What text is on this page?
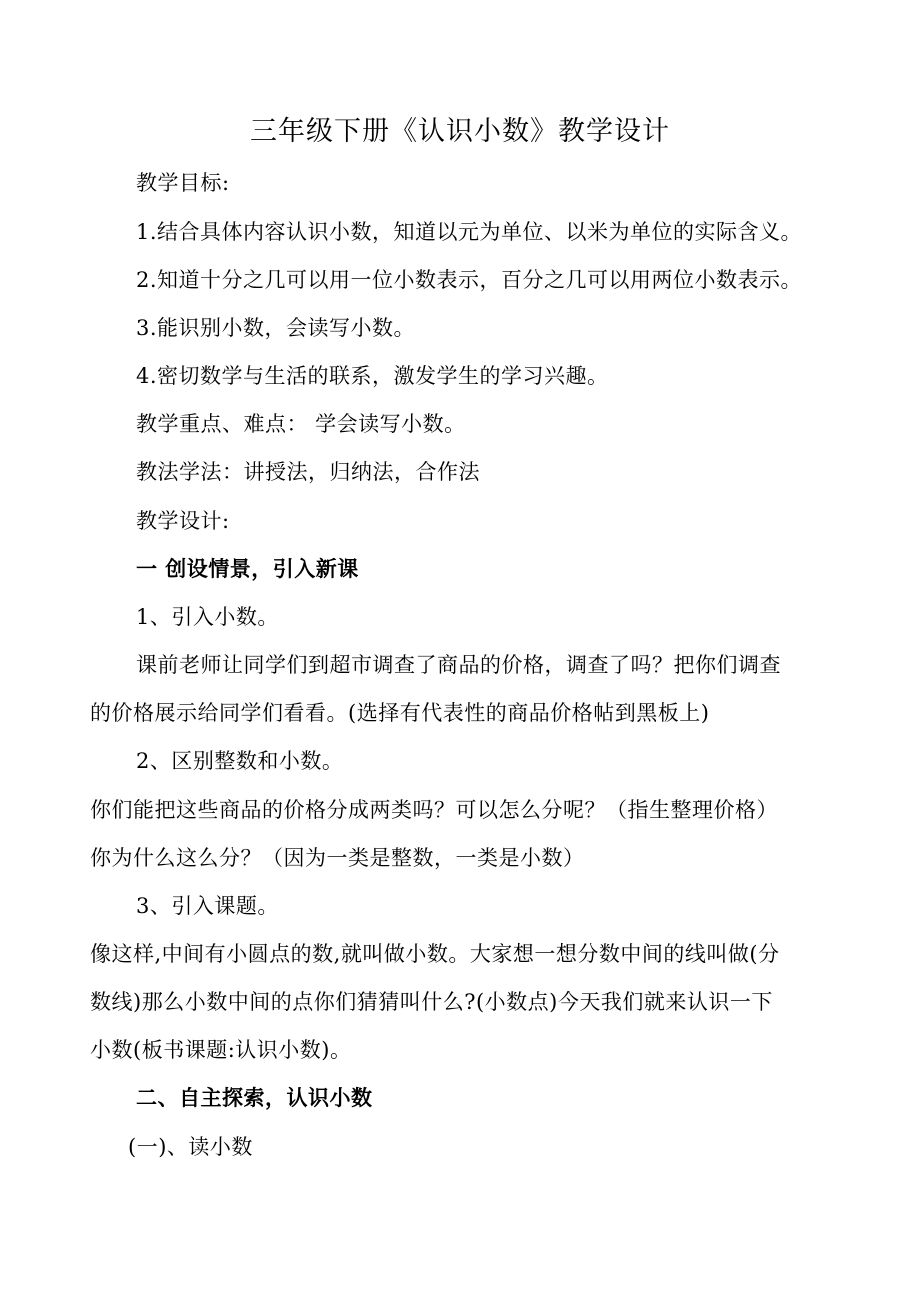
三年级下册《认识小数》教学设计
教学目标:
1.结合具体内容认识小数，知道以元为单位、以米为单位的实际含义。
2.知道十分之几可以用一位小数表示，百分之几可以用两位小数表示。
3.能识别小数，会读写小数。
4.密切数学与生活的联系，激发学生的学习兴趣。
教学重点、难点： 学会读写小数。
教法学法：讲授法，归纳法，合作法
教学设计:
一 创设情景，引入新课
1、引入小数。
课前老师让同学们到超市调查了商品的价格，调查了吗？把你们调查
的价格展示给同学们看看。(选择有代表性的商品价格帖到黑板上)
2、区别整数和小数。
你们能把这些商品的价格分成两类吗？可以怎么分呢？（指生整理价格）
你为什么这么分？（因为一类是整数，一类是小数）
3、引入课题。
像这样,中间有小圆点的数,就叫做小数。大家想一想分数中间的线叫做(分
数线)那么小数中间的点你们猜猜叫什么?(小数点)今天我们就来认识一下
小数(板书课题:认识小数)。
二、自主探索，认识小数
(一)、读小数
